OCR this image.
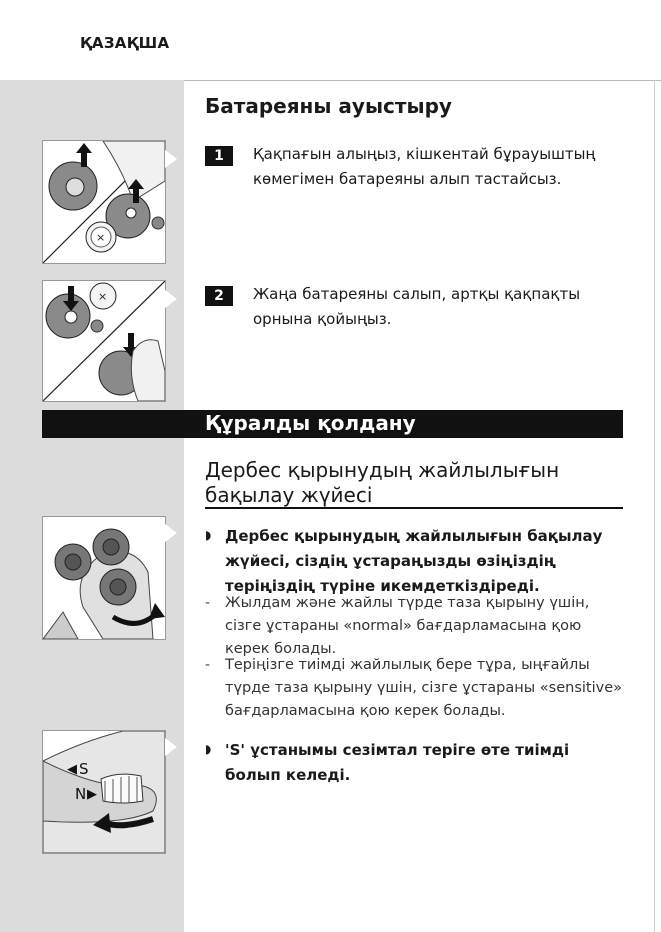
ҚАЗАҚША
Батареяны ауыстыру
1	Қақпағын алыңыз, кішкентай бұрауыштың көмегімен батареяны алып тастайсыз.
2	Жаңа батареяны салып, артқы қақпақты орнына қойыңыз.
×
×
Құралды қолдану
Дербес қырынудың жайлылығын бақылау жүйесі
◗ Дербес қырынудың жайлылығын бақылау жүйесі, сіздің ұстараңызды өзіңіздің теріңіздің түріне икемдеткіздіреді.
- Жылдам және жайлы түрде таза қырыну үшін, сізге ұстараны «normal» бағдарламасына қою керек болады.
- Теріңізге тиімді жайлылық бере тұра, ыңғайлы түрде таза қырыну үшін, сізге ұстараны «sensitive» бағдарламасына қою керек болады.
◀ S
N ▶
◗ 'S' ұстанымы сезімтал теріге өте тиімді болып келеді.
